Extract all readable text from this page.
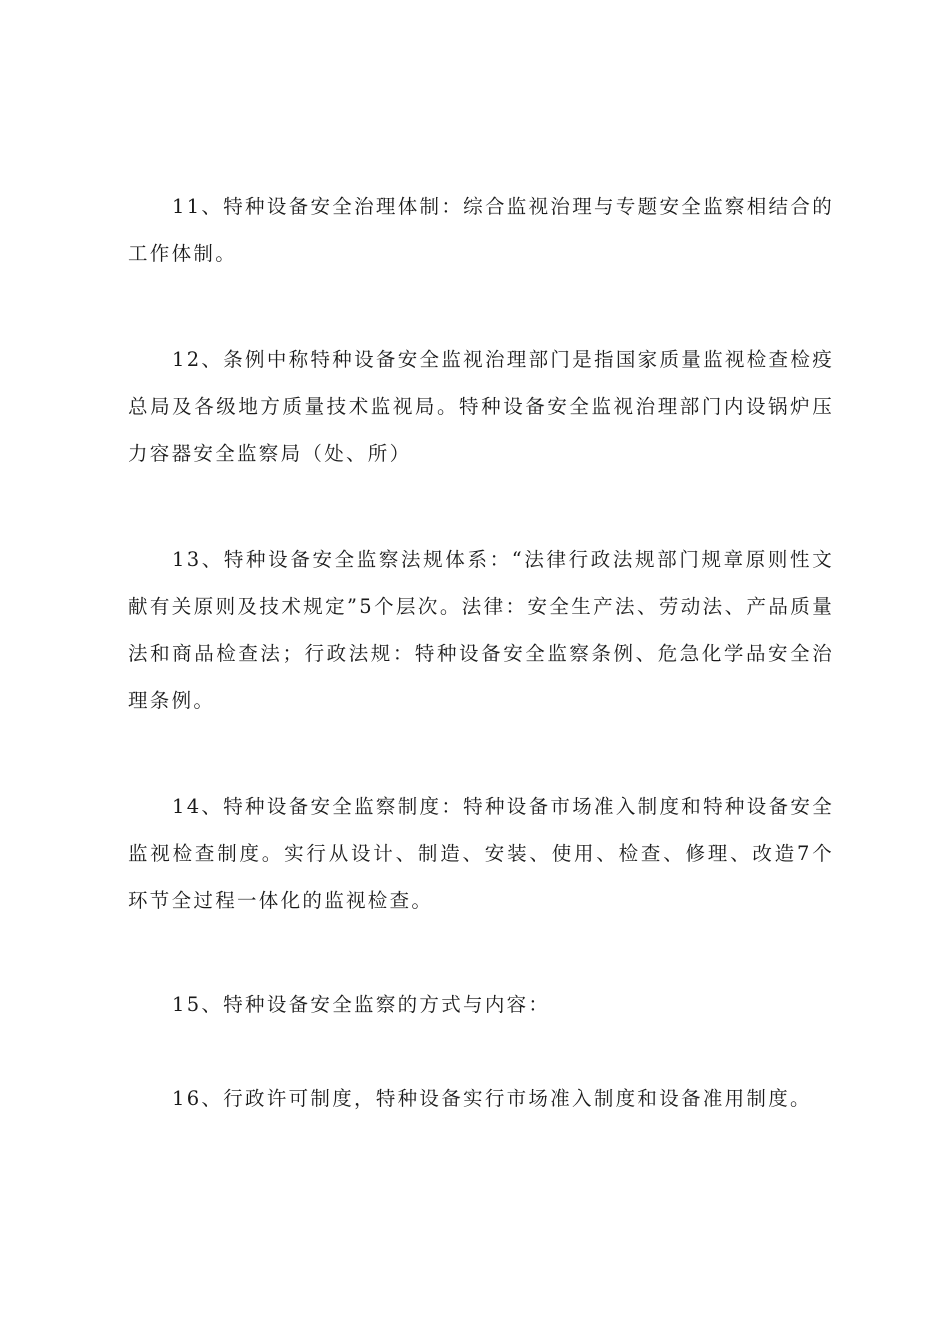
11、特种设备安全治理体制：综合监视治理与专题安全监察相结合的工作体制。

12、条例中称特种设备安全监视治理部门是指国家质量监视检查检疫总局及各级地方质量技术监视局。特种设备安全监视治理部门内设锅炉压力容器安全监察局（处、所）

13、特种设备安全监察法规体系：“法律行政法规部门规章原则性文献有关原则及技术规定”5个层次。法律：安全生产法、劳动法、产品质量法和商品检查法；行政法规：特种设备安全监察条例、危急化学品安全治理条例。

14、特种设备安全监察制度：特种设备市场准入制度和特种设备安全监视检查制度。实行从设计、制造、安装、使用、检查、修理、改造7个环节全过程一体化的监视检查。

15、特种设备安全监察的方式与内容：

16、行政许可制度，特种设备实行市场准入制度和设备准用制度。
